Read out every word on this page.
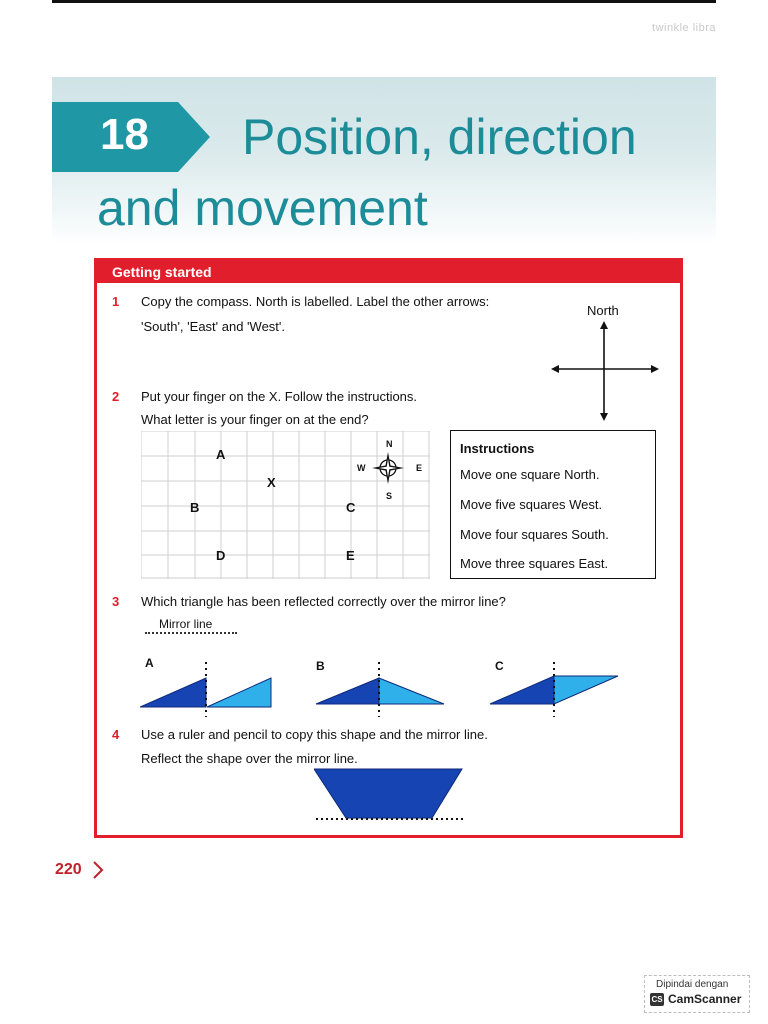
twinkle libra
18 Position, direction
and movement
Getting started
1 Copy the compass. North is labelled. Label the other arrows:
'South', 'East' and 'West'.
North
2 Put your finger on the X. Follow the instructions.
What letter is your finger on at the end?
A
X
B	C
D	E
N
S
E
W
Instructions
Move one square North.
Move five squares West.
Move four squares South.
Move three squares East.
3 Which triangle has been reflected correctly over the mirror line?
Mirror line
A	B	C
4 Use a ruler and pencil to copy this shape and the mirror line.
Reflect the shape over the mirror line.
220
Dipindai dengan
CS CamScanner
